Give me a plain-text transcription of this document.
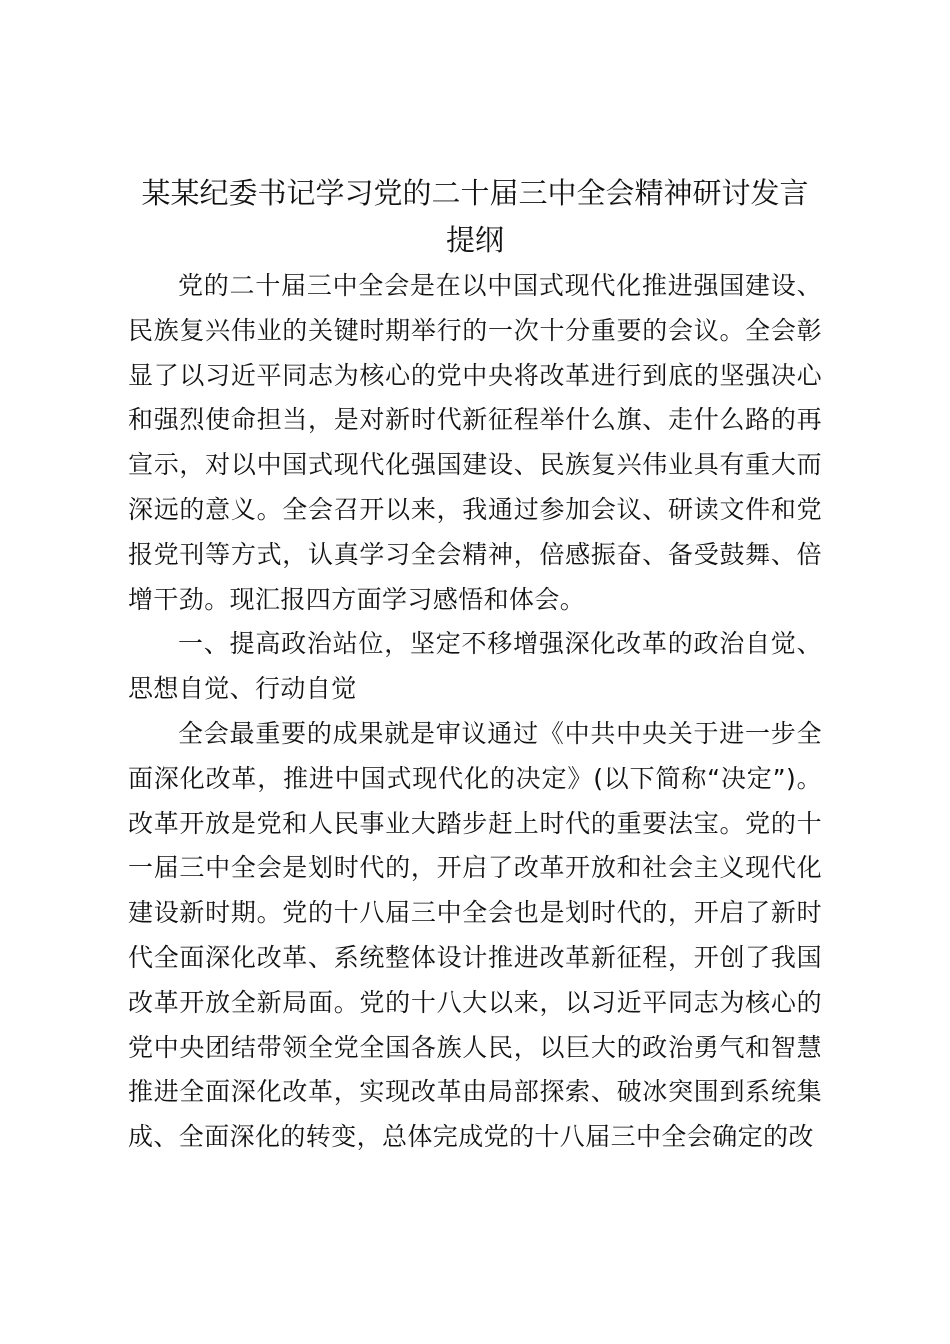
某某纪委书记学习党的二十届三中全会精神研讨发言提纲

党的二十届三中全会是在以中国式现代化推进强国建设、民族复兴伟业的关键时期举行的一次十分重要的会议。全会彰显了以习近平同志为核心的党中央将改革进行到底的坚强决心和强烈使命担当，是对新时代新征程举什么旗、走什么路的再宣示，对以中国式现代化强国建设、民族复兴伟业具有重大而深远的意义。全会召开以来，我通过参加会议、研读文件和党报党刊等方式，认真学习全会精神，倍感振奋、备受鼓舞、倍增干劲。现汇报四方面学习感悟和体会。

一、提高政治站位，坚定不移增强深化改革的政治自觉、思想自觉、行动自觉

全会最重要的成果就是审议通过《中共中央关于进一步全面深化改革，推进中国式现代化的决定》(以下简称“决定”)。改革开放是党和人民事业大踏步赶上时代的重要法宝。党的十一届三中全会是划时代的，开启了改革开放和社会主义现代化建设新时期。党的十八届三中全会也是划时代的，开启了新时代全面深化改革、系统整体设计推进改革新征程，开创了我国改革开放全新局面。党的十八大以来，以习近平同志为核心的党中央团结带领全党全国各族人民，以巨大的政治勇气和智慧推进全面深化改革，实现改革由局部探索、破冰突围到系统集成、全面深化的转变，总体完成党的十八届三中全会确定的改
